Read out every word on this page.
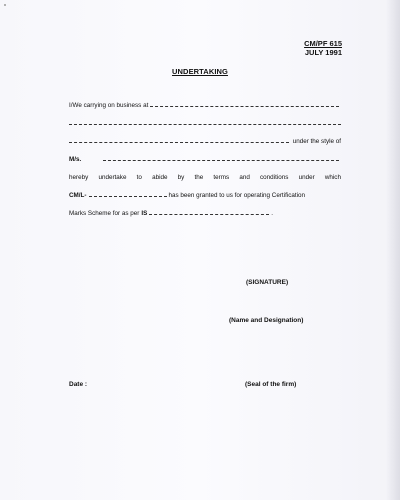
CM/PF 615
JULY 1991
UNDERTAKING
I/We carrying on business at
under the style of
M/s.
hereby undertake to abide by the terms and conditions under which
CM/L-	has been granted to us for operating Certification
Marks Scheme for as per IS	.
(SIGNATURE)
(Name and Designation)
Date :	(Seal of the firm)
